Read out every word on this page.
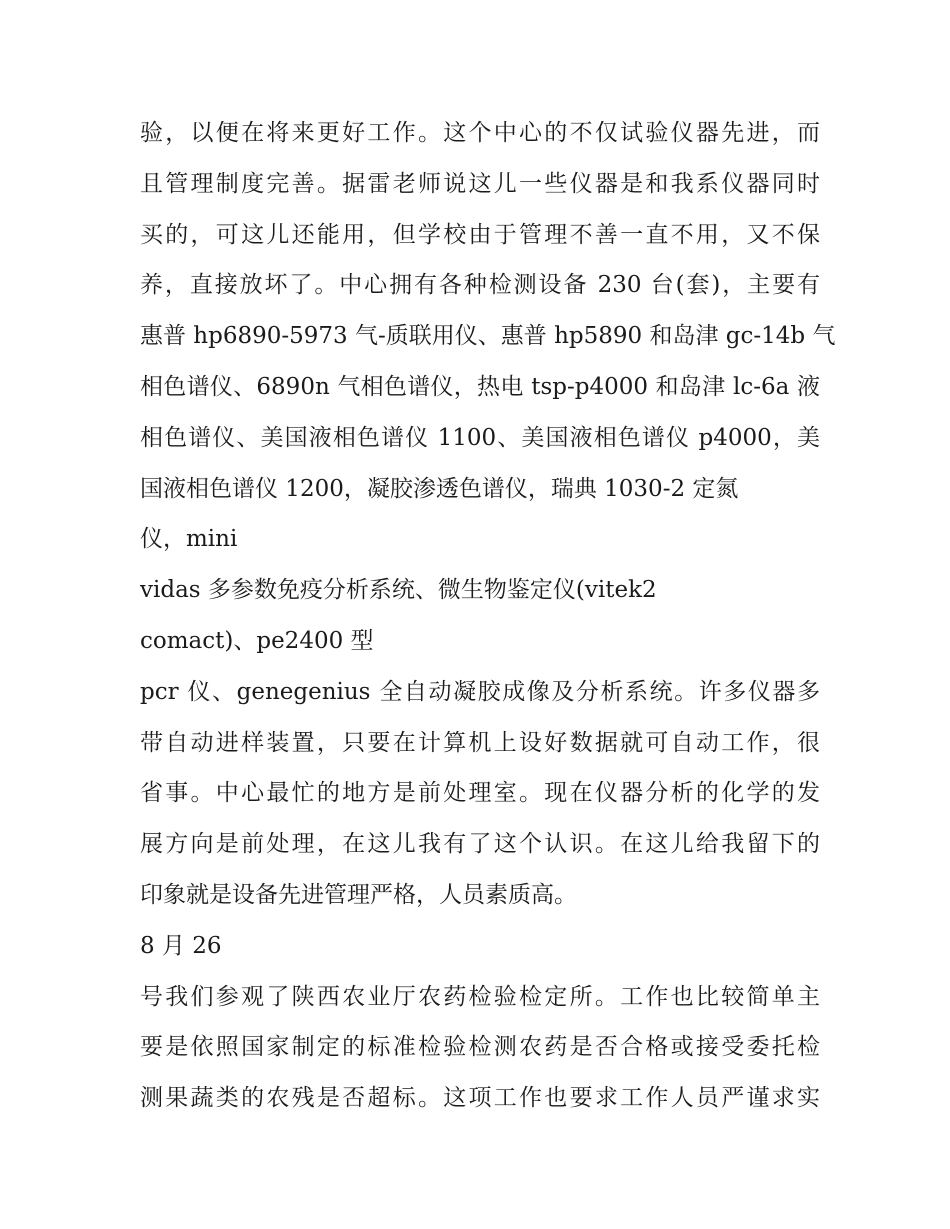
验，以便在将来更好工作。这个中心的不仅试验仪器先进，而
且管理制度完善。据雷老师说这儿一些仪器是和我系仪器同时
买的，可这儿还能用，但学校由于管理不善一直不用，又不保
养，直接放坏了。中心拥有各种检测设备 230 台(套)，主要有
惠普 hp6890-5973 气-质联用仪、惠普 hp5890 和岛津 gc-14b 气
相色谱仪、6890n 气相色谱仪，热电 tsp-p4000 和岛津 lc-6a 液
相色谱仪、美国液相色谱仪 1100、美国液相色谱仪 p4000，美
国液相色谱仪 1200，凝胶渗透色谱仪，瑞典 1030-2 定氮
仪，mini
vidas 多参数免疫分析系统、微生物鉴定仪(vitek2
comact)、pe2400 型
pcr 仪、genegenius 全自动凝胶成像及分析系统。许多仪器多
带自动进样装置，只要在计算机上设好数据就可自动工作，很
省事。中心最忙的地方是前处理室。现在仪器分析的化学的发
展方向是前处理，在这儿我有了这个认识。在这儿给我留下的
印象就是设备先进管理严格，人员素质高。
8 月 26
号我们参观了陕西农业厅农药检验检定所。工作也比较简单主
要是依照国家制定的标准检验检测农药是否合格或接受委托检
测果蔬类的农残是否超标。这项工作也要求工作人员严谨求实
